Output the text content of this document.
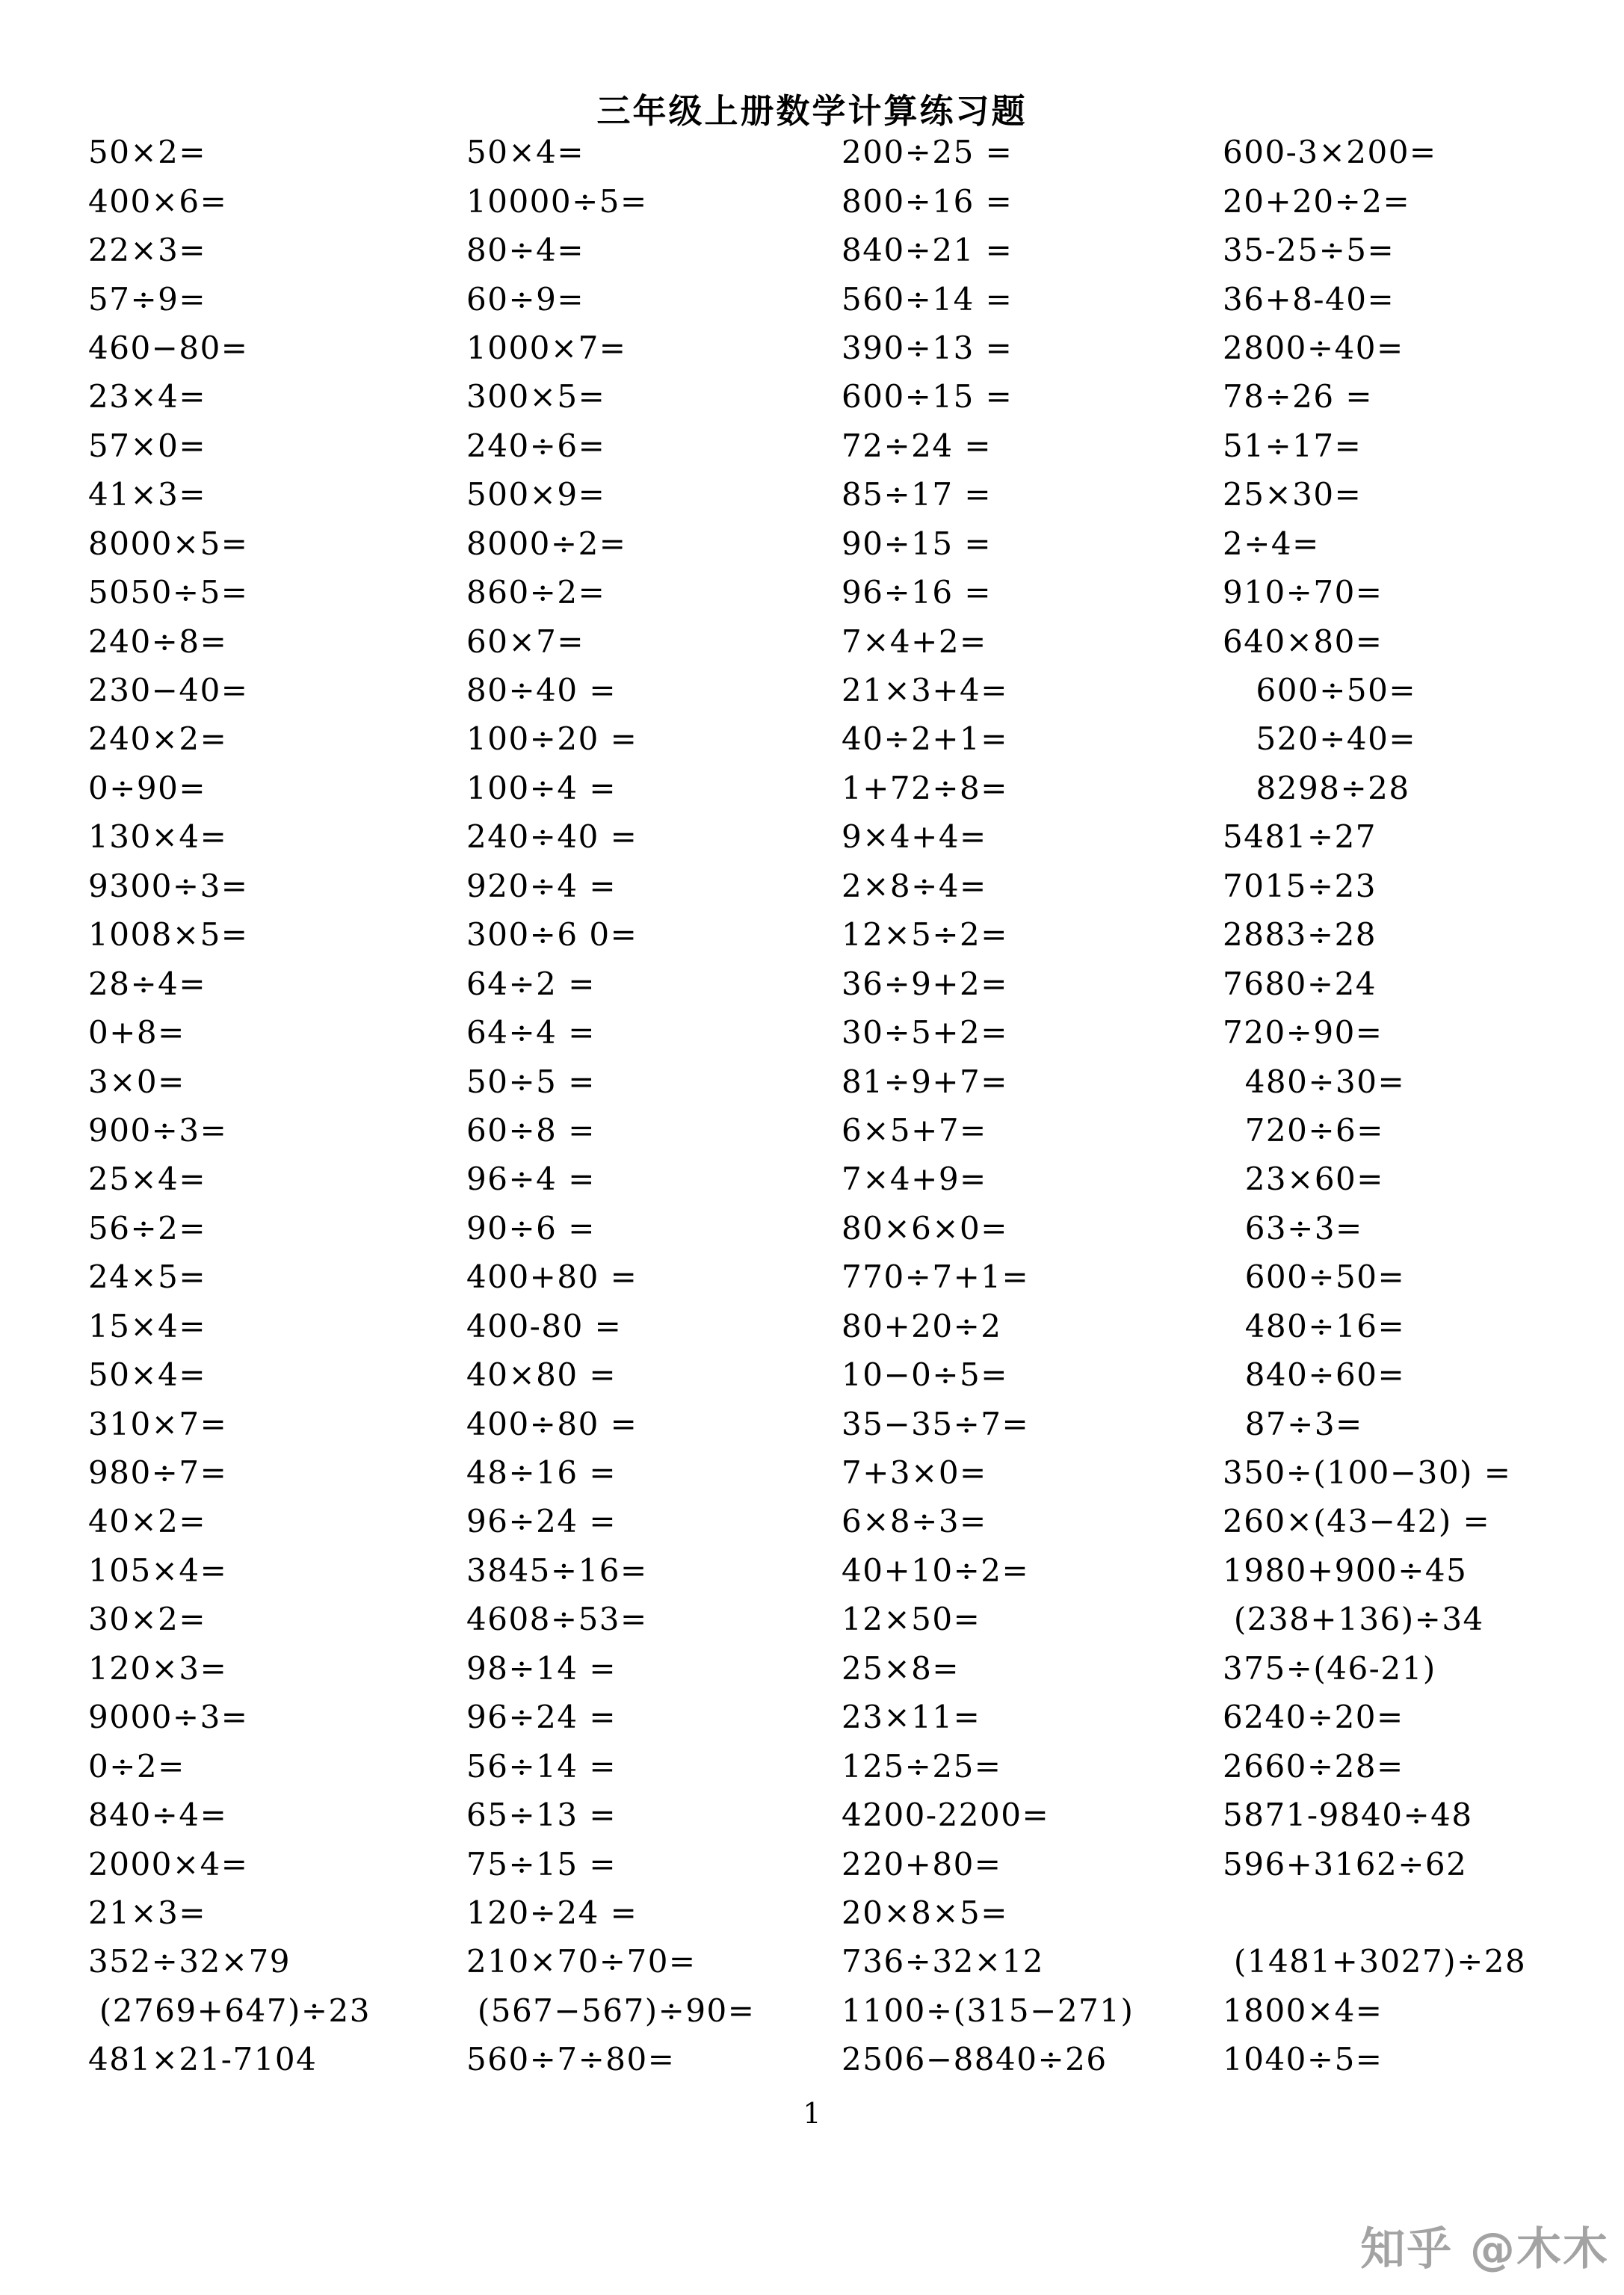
三年级上册数学计算练习题
50×2=
400×6=
22×3=
57÷9=
460−80=
23×4=
57×0=
41×3=
8000×5=
5050÷5=
240÷8=
230−40=
240×2=
0÷90=
130×4=
9300÷3=
1008×5=
28÷4=
0+8=
3×0=
900÷3=
25×4=
56÷2=
24×5=
15×4=
50×4=
310×7=
980÷7=
40×2=
105×4=
30×2=
120×3=
9000÷3=
0÷2=
840÷4=
2000×4=
21×3=
352÷32×79
(2769+647)÷23
481×21-7104
50×4=
10000÷5=
80÷4=
60÷9=
1000×7=
300×5=
240÷6=
500×9=
8000÷2=
860÷2=
60×7=
80÷40 =
100÷20 =
100÷4 =
240÷40 =
920÷4 =
300÷6 0=
64÷2 =
64÷4 =
50÷5 =
60÷8 =
96÷4 =
90÷6 =
400+80 =
400-80 =
40×80 =
400÷80 =
48÷16 =
96÷24 =
3845÷16=
4608÷53=
98÷14 =
96÷24 =
56÷14 =
65÷13 =
75÷15 =
120÷24 =
210×70÷70=
(567−567)÷90=
560÷7÷80=
200÷25 =
800÷16 =
840÷21 =
560÷14 =
390÷13 =
600÷15 =
72÷24 =
85÷17 =
90÷15 =
96÷16 =
7×4+2=
21×3+4=
40÷2+1=
1+72÷8=
9×4+4=
2×8÷4=
12×5÷2=
36÷9+2=
30÷5+2=
81÷9+7=
6×5+7=
7×4+9=
80×6×0=
770÷7+1=
80+20÷2
10−0÷5=
35−35÷7=
7+3×0=
6×8÷3=
40+10÷2=
12×50=
25×8=
23×11=
125÷25=
4200-2200=
220+80=
20×8×5=
736÷32×12
1100÷(315−271)
2506−8840÷26
600-3×200=
20+20÷2=
35-25÷5=
36+8-40=
2800÷40=
78÷26 =
51÷17=
25×30=
2÷4=
910÷70=
640×80=
600÷50=
520÷40=
8298÷28
5481÷27
7015÷23
2883÷28
7680÷24
720÷90=
480÷30=
720÷6=
23×60=
63÷3=
600÷50=
480÷16=
840÷60=
87÷3=
350÷(100−30) =
260×(43−42) =
1980+900÷45
(238+136)÷34
375÷(46-21)
6240÷20=
2660÷28=
5871-9840÷48
596+3162÷62
(1481+3027)÷28
1800×4=
1040÷5=
1
知乎 @木木
